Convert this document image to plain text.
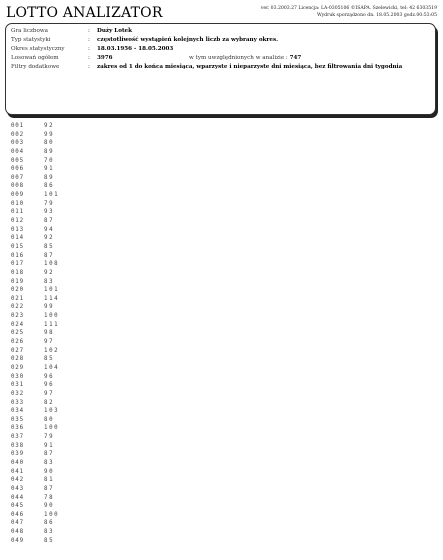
LOTTO ANALIZATOR	ver. 03.2003.27 Licencja: LA-0305106 ©ISAPA. Szelewicki, tel: 42 6303519
Wydruk sporządzono dn. 18.05.2003 godz.00:53:05
Gra liczbowa	: Duży Lotek
Typ statystyki	: częstotliwość wystąpień kolejnych liczb za wybrany okres.
Okres statystyczny	: 18.03.1956 - 18.05.2003
Losowań ogółem	: 3976	w tym uwzględnionych w analizie : 747
Filtry dodatkowe	: zakres od 1 do końca miesiąca, wparzyste i nieparzyste dni miesiąca, bez filtrowania dni tygodnia
001	92
002	99
003	80
004	89
005	70
006	91
007	89
008	86
009	101
010	79
011	93
012	87
013	94
014	92
015	85
016	87
017	108
018	92
019	83
020	101
021	114
022	99
023	100
024	111
025	98
026	97
027	102
028	85
029	104
030	96
031	96
032	97
033	82
034	103
035	80
036	100
037	79
038	91
039	87
040	83
041	90
042	81
043	87
044	78
045	90
046	100
047	86
048	83
049	85
